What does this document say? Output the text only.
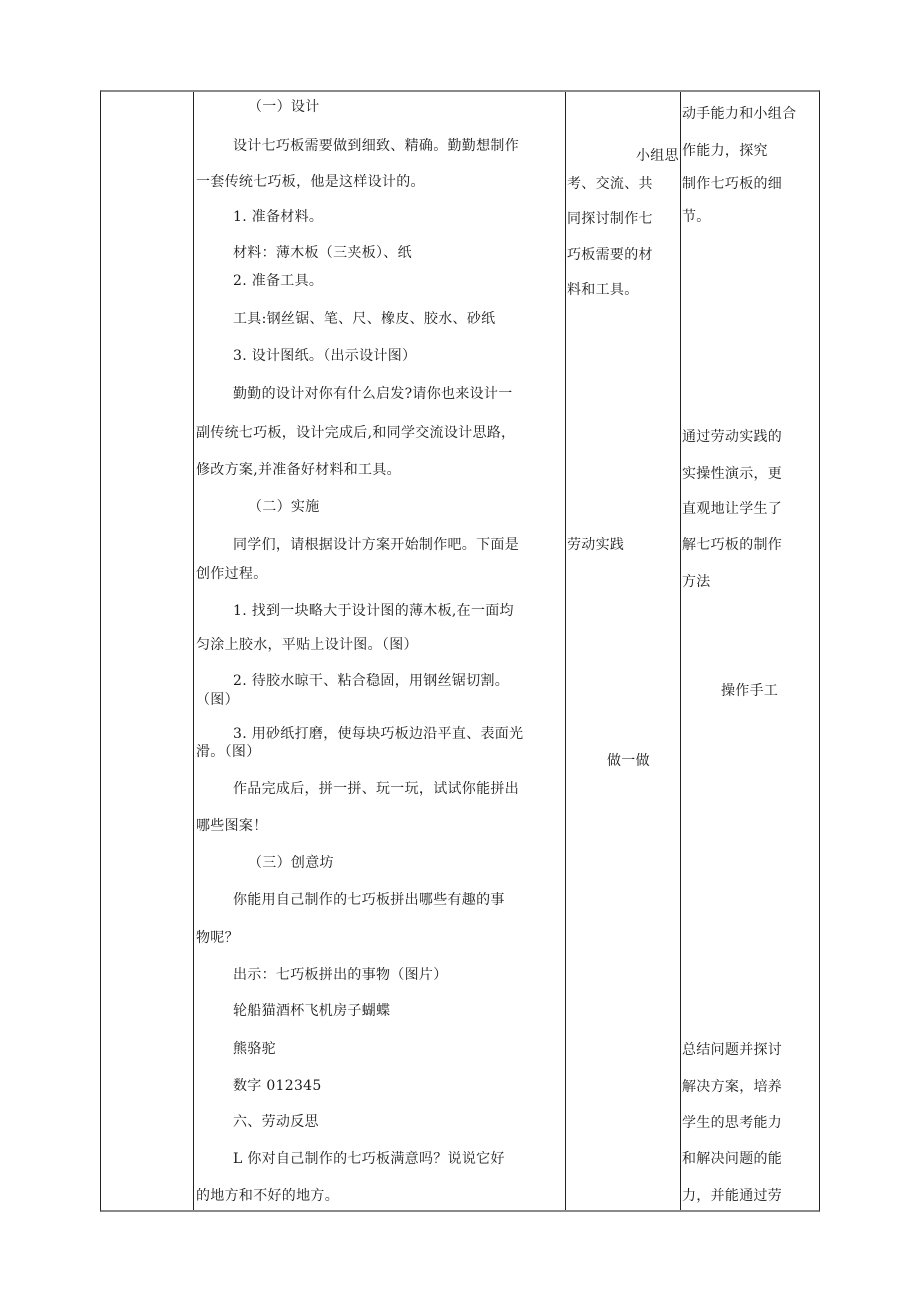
（一）设计
设计七巧板需要做到细致、精确。勤勤想制作
一套传统七巧板，他是这样设计的。
1. 准备材料。
材料：薄木板（三夹板）、纸
2. 准备工具。
工具:钢丝锯、笔、尺、橡皮、胶水、砂纸
3. 设计图纸。（出示设计图）
勤勤的设计对你有什么启发?请你也来设计一
副传统七巧板，设计完成后,和同学交流设计思路，
修改方案,并准备好材料和工具。
（二）实施
同学们，请根据设计方案开始制作吧。下面是
创作过程。
1. 找到一块略大于设计图的薄木板,在一面均
匀涂上胶水，平贴上设计图。（图）
2. 待胶水晾干、粘合稳固，用钢丝锯切割。
（图）
3. 用砂纸打磨，使每块巧板边沿平直、表面光
滑。（图）
作品完成后，拼一拼、玩一玩，试试你能拼出
哪些图案！
（三）创意坊
你能用自己制作的七巧板拼出哪些有趣的事
物呢？
出示：七巧板拼出的事物（图片）
轮船猫酒杯飞机房子蝴蝶
熊骆驼
数字 012345
六、劳动反思
L 你对自己制作的七巧板满意吗？说说它好
的地方和不好的地方。
小组思
考、交流、共
同探讨制作七
巧板需要的材
料和工具。
劳动实践
做一做
动手能力和小组合
作能力，探究
制作七巧板的细
节。
通过劳动实践的
实操性演示，更
直观地让学生了
解七巧板的制作
方法
操作手工
总结问题并探讨
解决方案，培养
学生的思考能力
和解决问题的能
力，并能通过劳
